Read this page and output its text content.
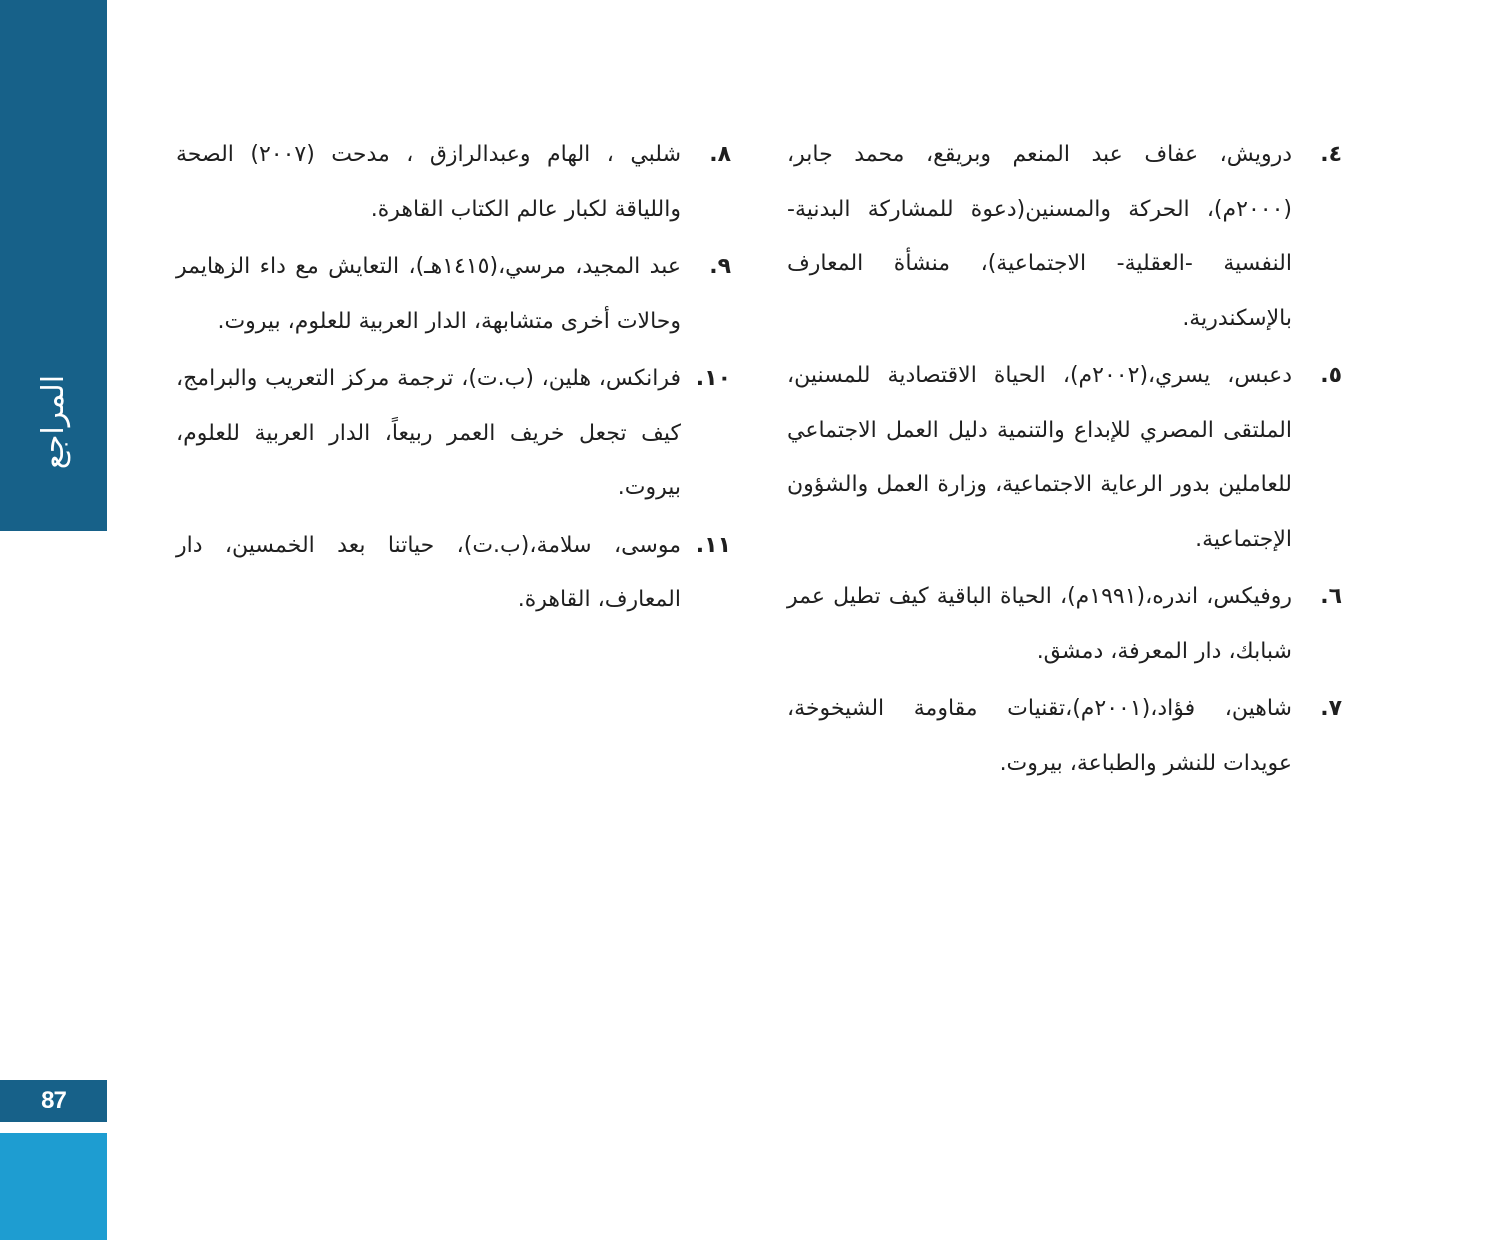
المراجع
87
٤.
درويش، عفاف عبد المنعم وبريقع، محمد جابر، (٢٠٠٠م)، الحركة والمسنين(دعوة للمشاركة البدنية-النفسية -العقلية- الاجتماعية)، منشأة المعارف بالإسكندرية.
٥.
دعبس، يسري،(٢٠٠٢م)، الحياة الاقتصادية للمسنين، الملتقى المصري للإبداع والتنمية دليل العمل الاجتماعي للعاملين بدور الرعاية الاجتماعية، وزارة العمل والشؤون الإجتماعية.
٦.
روفيكس، اندره،(١٩٩١م)، الحياة الباقية كيف تطيل عمر شبابك، دار المعرفة، دمشق.
٧.
شاهين، فؤاد،(٢٠٠١م)،تقنيات مقاومة الشيخوخة، عويدات للنشر والطباعة، بيروت.
٨.
شلبي ، الهام وعبدالرازق ، مدحت (٢٠٠٧) الصحة واللياقة لكبار عالم الكتاب القاهرة.
٩.
عبد المجيد، مرسي،(١٤١٥هـ)، التعايش مع داء الزهايمر وحالات أخرى متشابهة، الدار العربية للعلوم، بيروت.
١٠.
فرانكس، هلين، (ب.ت)، ترجمة مركز التعريب والبرامج، كيف تجعل خريف العمر ربيعاً، الدار العربية للعلوم، بيروت.
١١.
موسى، سلامة،(ب.ت)، حياتنا بعد الخمسين، دار المعارف، القاهرة.
